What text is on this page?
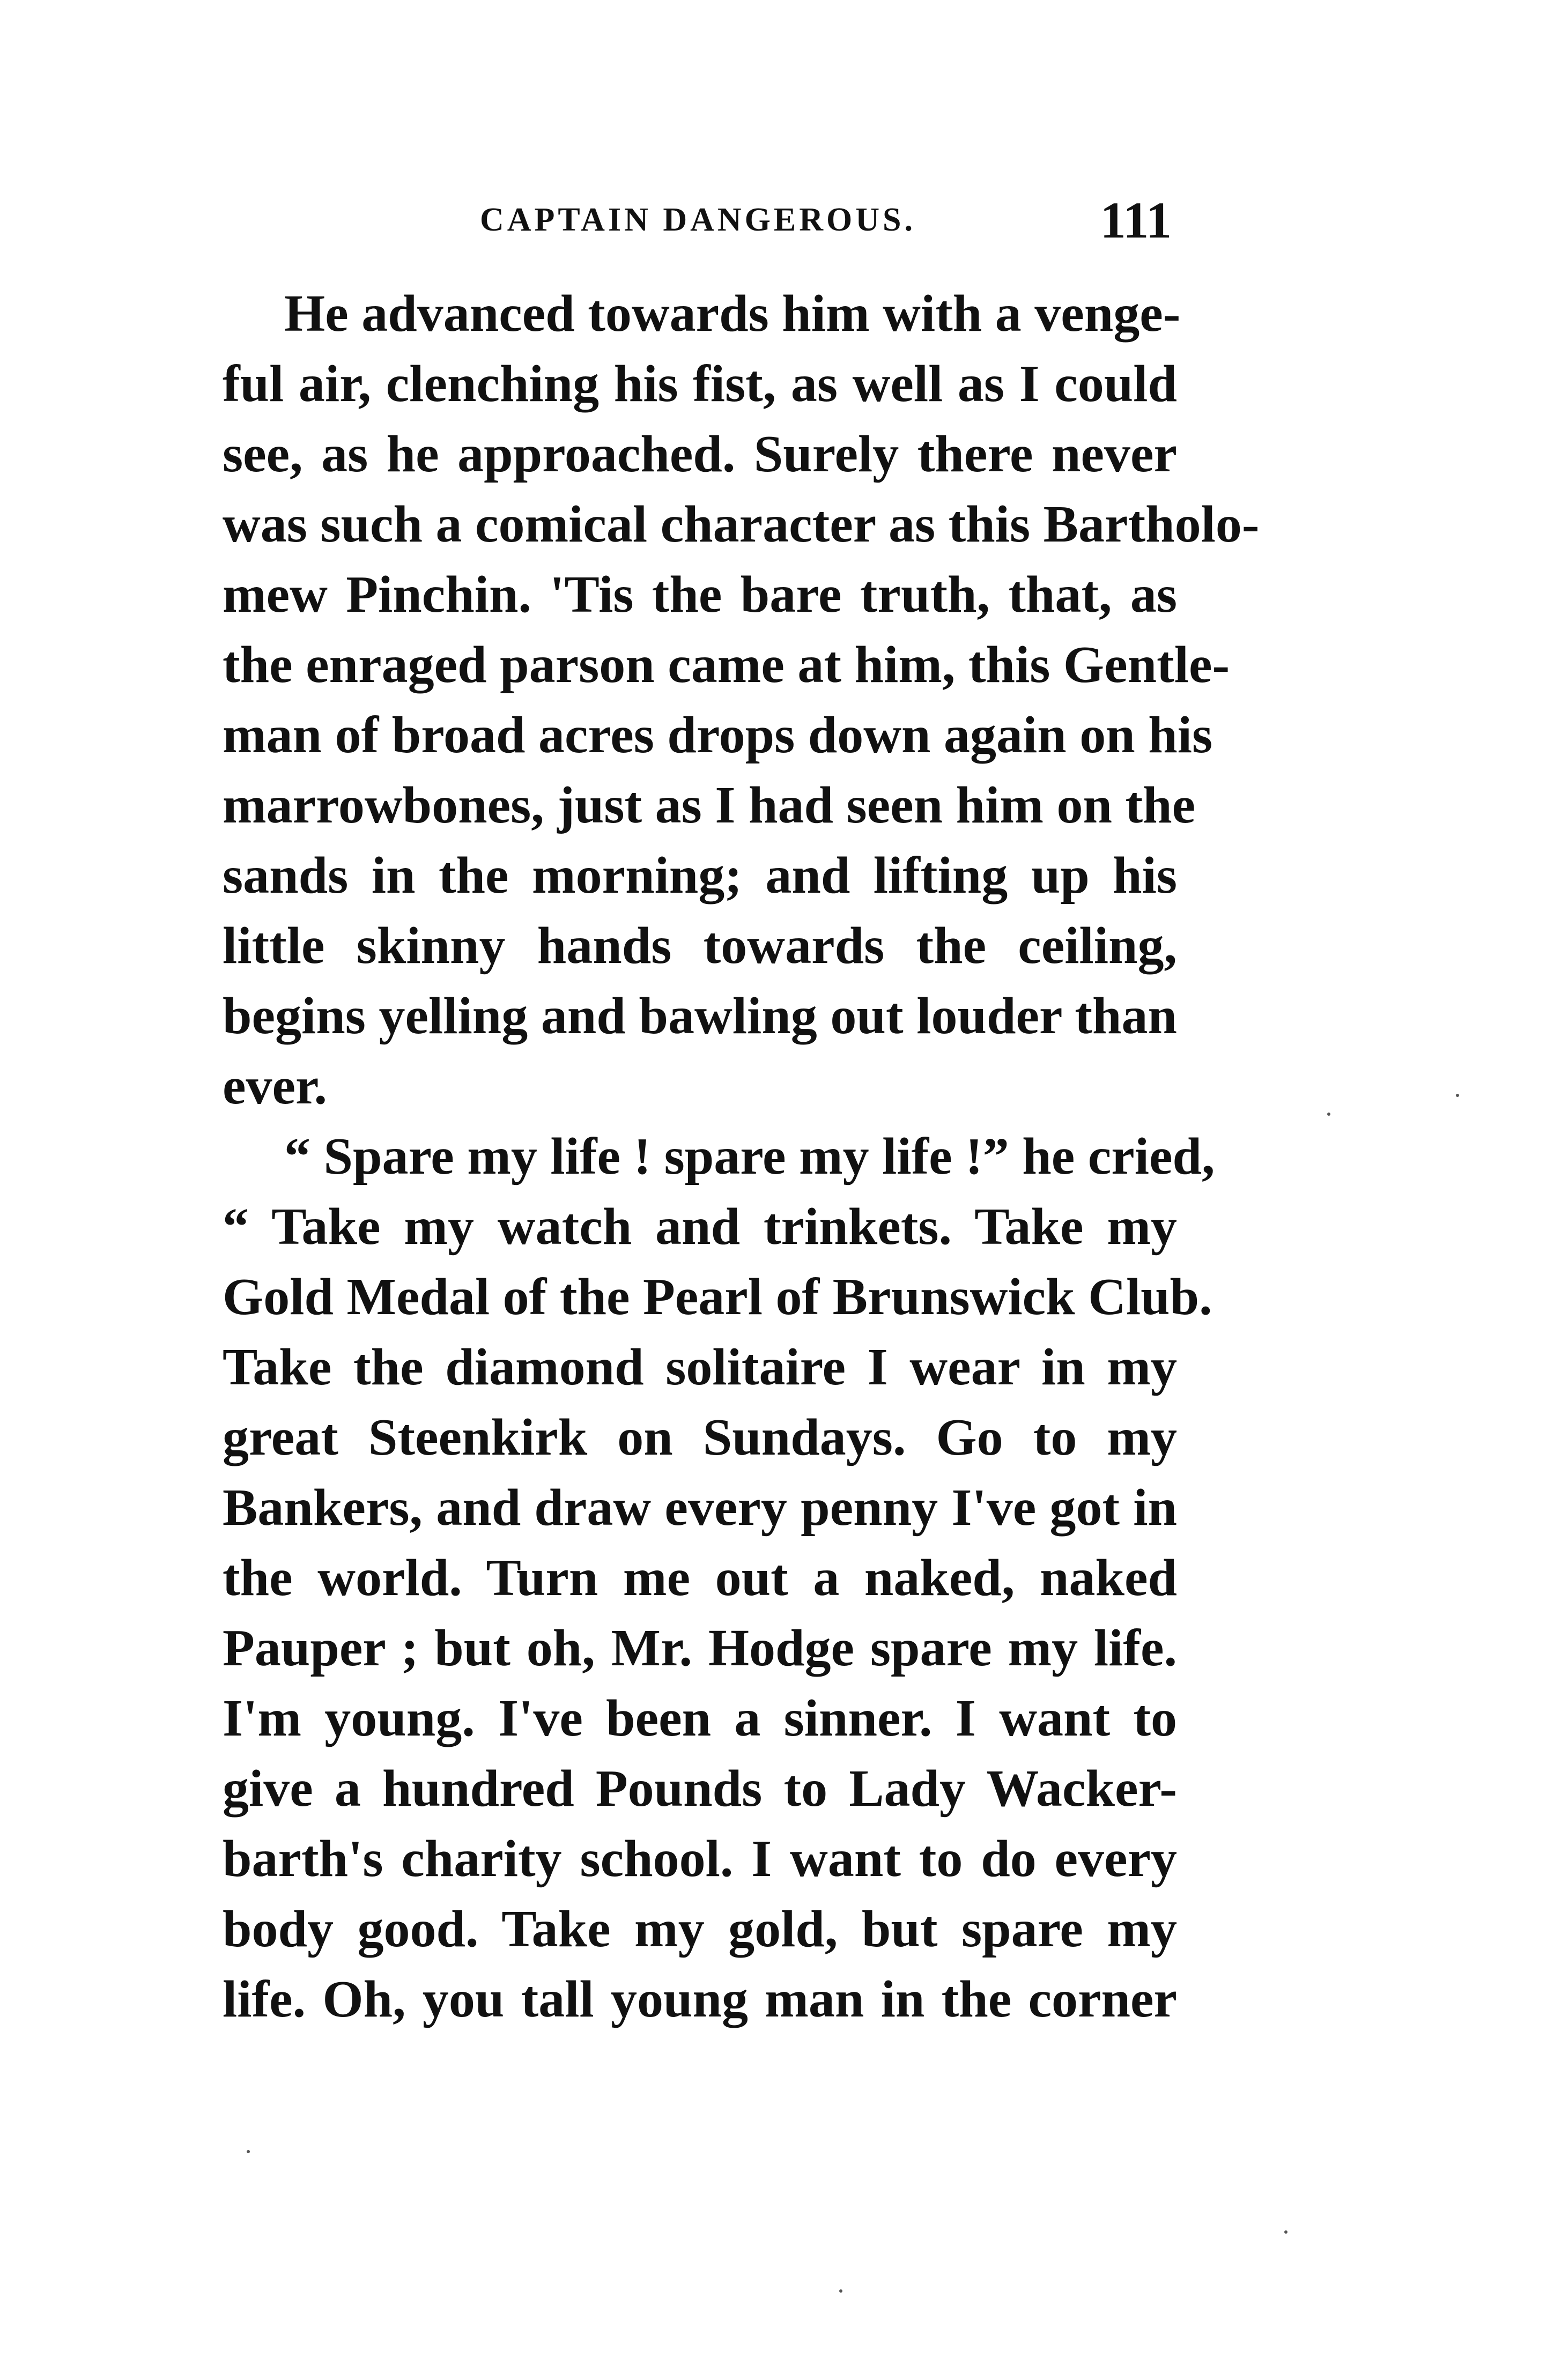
CAPTAIN DANGEROUS.	111
He advanced towards him with a venge-
ful air, clenching his fist, as well as I could
see, as he approached. Surely there never
was such a comical character as this Bartholo-
mew Pinchin. 'Tis the bare truth, that, as
the enraged parson came at him, this Gentle-
man of broad acres drops down again on his
marrowbones, just as I had seen him on the
sands in the morning; and lifting up his
little skinny hands towards the ceiling,
begins yelling and bawling out louder than
ever.
“ Spare my life ! spare my life !” he cried,
“ Take my watch and trinkets. Take my
Gold Medal of the Pearl of Brunswick Club.
Take the diamond solitaire I wear in my
great Steenkirk on Sundays. Go to my
Bankers, and draw every penny I've got in
the world. Turn me out a naked, naked
Pauper ; but oh, Mr. Hodge spare my life.
I'm young. I've been a sinner. I want to
give a hundred Pounds to Lady Wacker-
barth's charity school. I want to do every
body good. Take my gold, but spare my
life. Oh, you tall young man in the corner
